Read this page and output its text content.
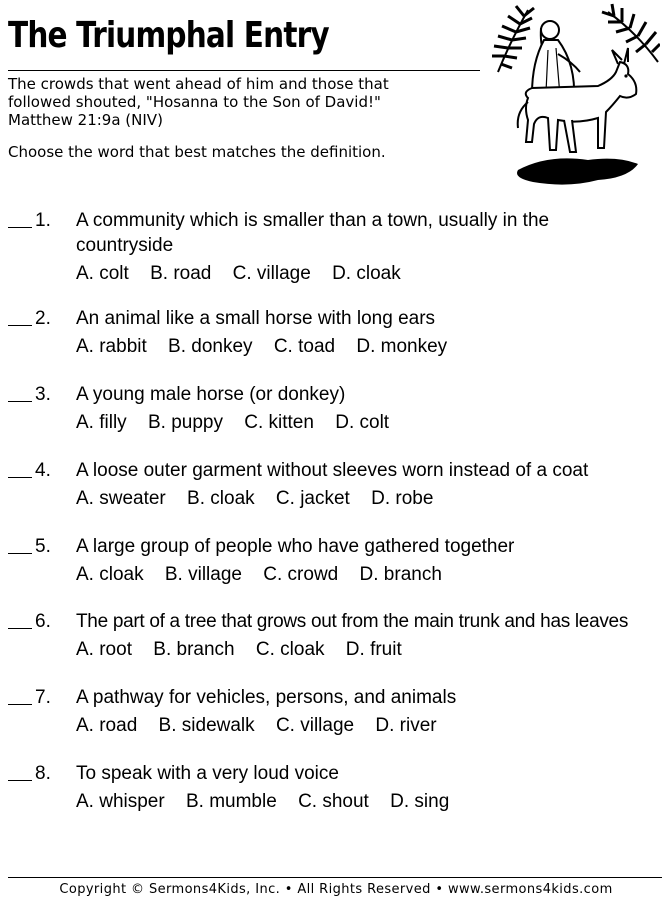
The Triumphal Entry
The crowds that went ahead of him and those that
followed shouted, "Hosanna to the Son of David!"
Matthew 21:9a (NIV)
Choose the word that best matches the definition.
1. A community which is smaller than a town, usually in the countryside
A. colt B. road C. village D. cloak
2. An animal like a small horse with long ears
A. rabbit B. donkey C. toad D. monkey
3. A young male horse (or donkey)
A. filly B. puppy C. kitten D. colt
4. A loose outer garment without sleeves worn instead of a coat
A. sweater B. cloak C. jacket D. robe
5. A large group of people who have gathered together
A. cloak B. village C. crowd D. branch
6. The part of a tree that grows out from the main trunk and has leaves
A. root B. branch C. cloak D. fruit
7. A pathway for vehicles, persons, and animals
A. road B. sidewalk C. village D. river
8. To speak with a very loud voice
A. whisper B. mumble C. shout D. sing
Copyright © Sermons4Kids, Inc. • All Rights Reserved • www.sermons4kids.com
